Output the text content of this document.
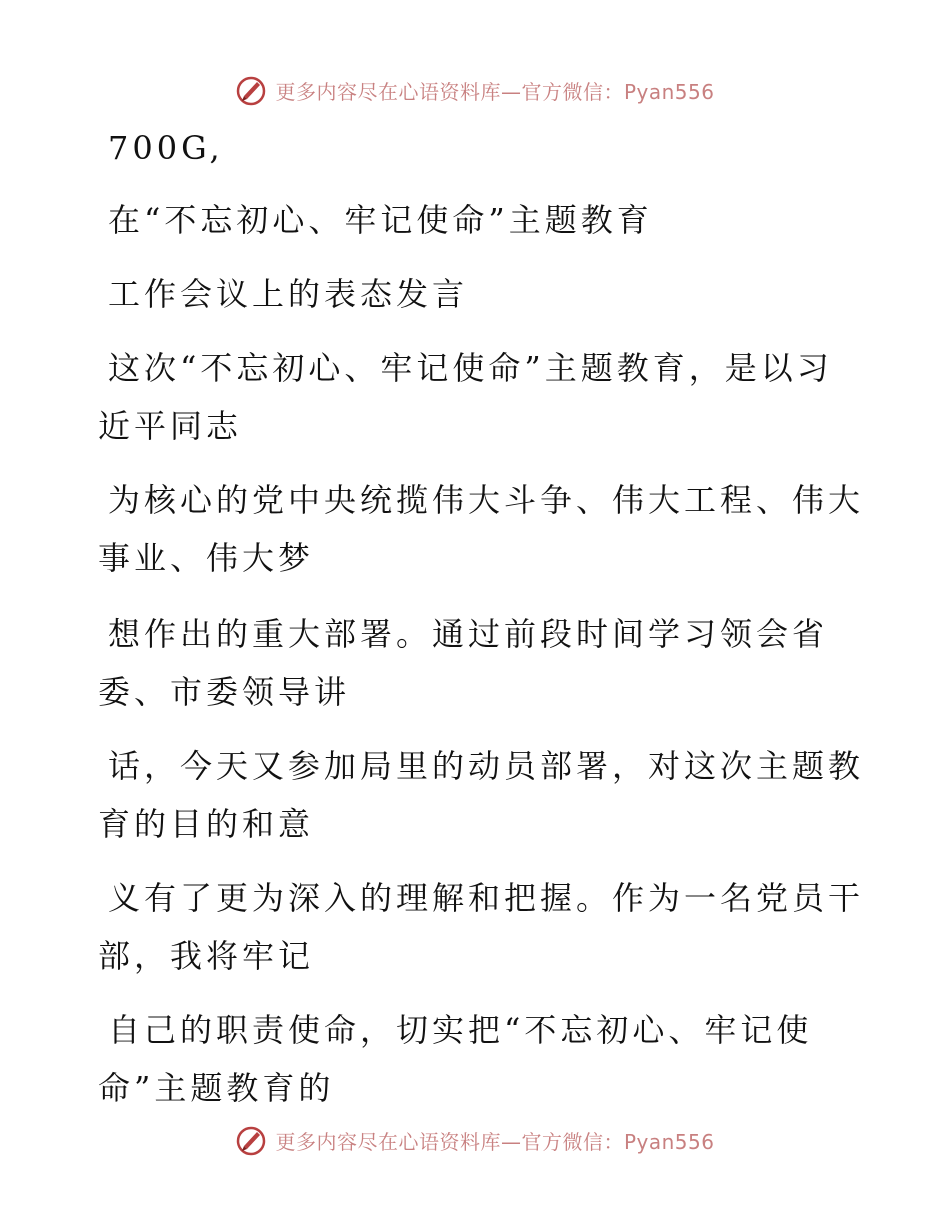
更多内容尽在心语资料库—官方微信：Pyan556
700G,
在“不忘初心、牢记使命”主题教育
工作会议上的表态发言
这次“不忘初心、牢记使命”主题教育，是以习
近平同志
为核心的党中央统揽伟大斗争、伟大工程、伟大
事业、伟大梦
想作出的重大部署。通过前段时间学习领会省
委、市委领导讲
话，今天又参加局里的动员部署，对这次主题教
育的目的和意
义有了更为深入的理解和把握。作为一名党员干
部，我将牢记
自己的职责使命，切实把“不忘初心、牢记使
命”主题教育的
更多内容尽在心语资料库—官方微信：Pyan556
